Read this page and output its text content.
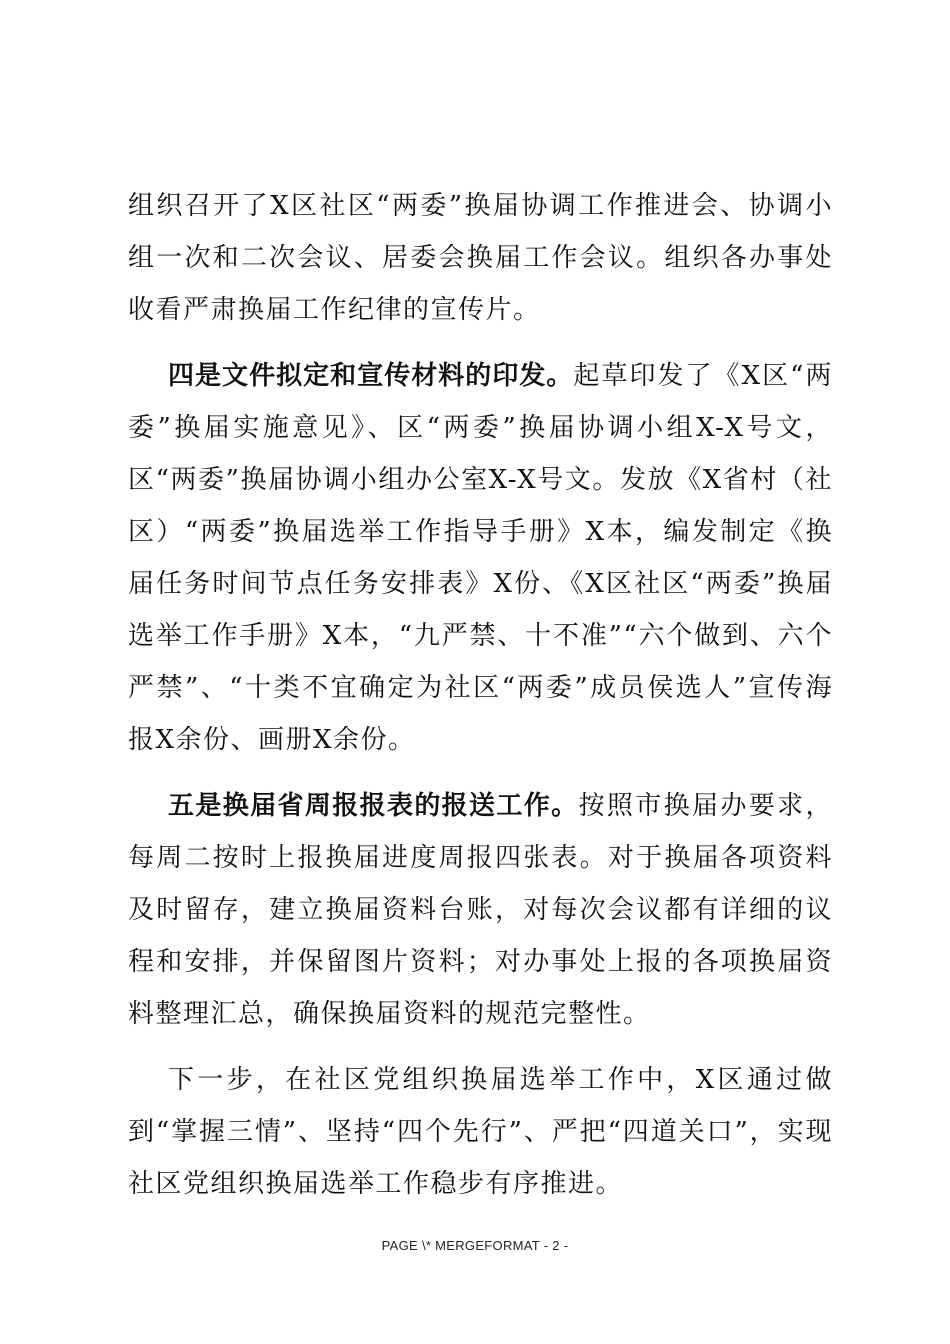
组织召开了X区社区“两委”换届协调工作推进会、协调小组一次和二次会议、居委会换届工作会议。组织各办事处收看严肃换届工作纪律的宣传片。

四是文件拟定和宣传材料的印发。起草印发了《X区“两委”换届实施意见》、区“两委”换届协调小组X-X号文，区“两委”换届协调小组办公室X-X号文。发放《X省村（社区）“两委”换届选举工作指导手册》X本，编发制定《换届任务时间节点任务安排表》X份、《X区社区“两委”换届选举工作手册》X本，“九严禁、十不准”“六个做到、六个严禁”、“十类不宜确定为社区“两委”成员侯选人”宣传海报X余份、画册X余份。

五是换届省周报报表的报送工作。按照市换届办要求，每周二按时上报换届进度周报四张表。对于换届各项资料及时留存，建立换届资料台账，对每次会议都有详细的议程和安排，并保留图片资料；对办事处上报的各项换届资料整理汇总，确保换届资料的规范完整性。

下一步，在社区党组织换届选举工作中，X区通过做到“掌握三情”、坚持“四个先行”、严把“四道关口”，实现社区党组织换届选举工作稳步有序推进。

PAGE \* MERGEFORMAT - 2 -
